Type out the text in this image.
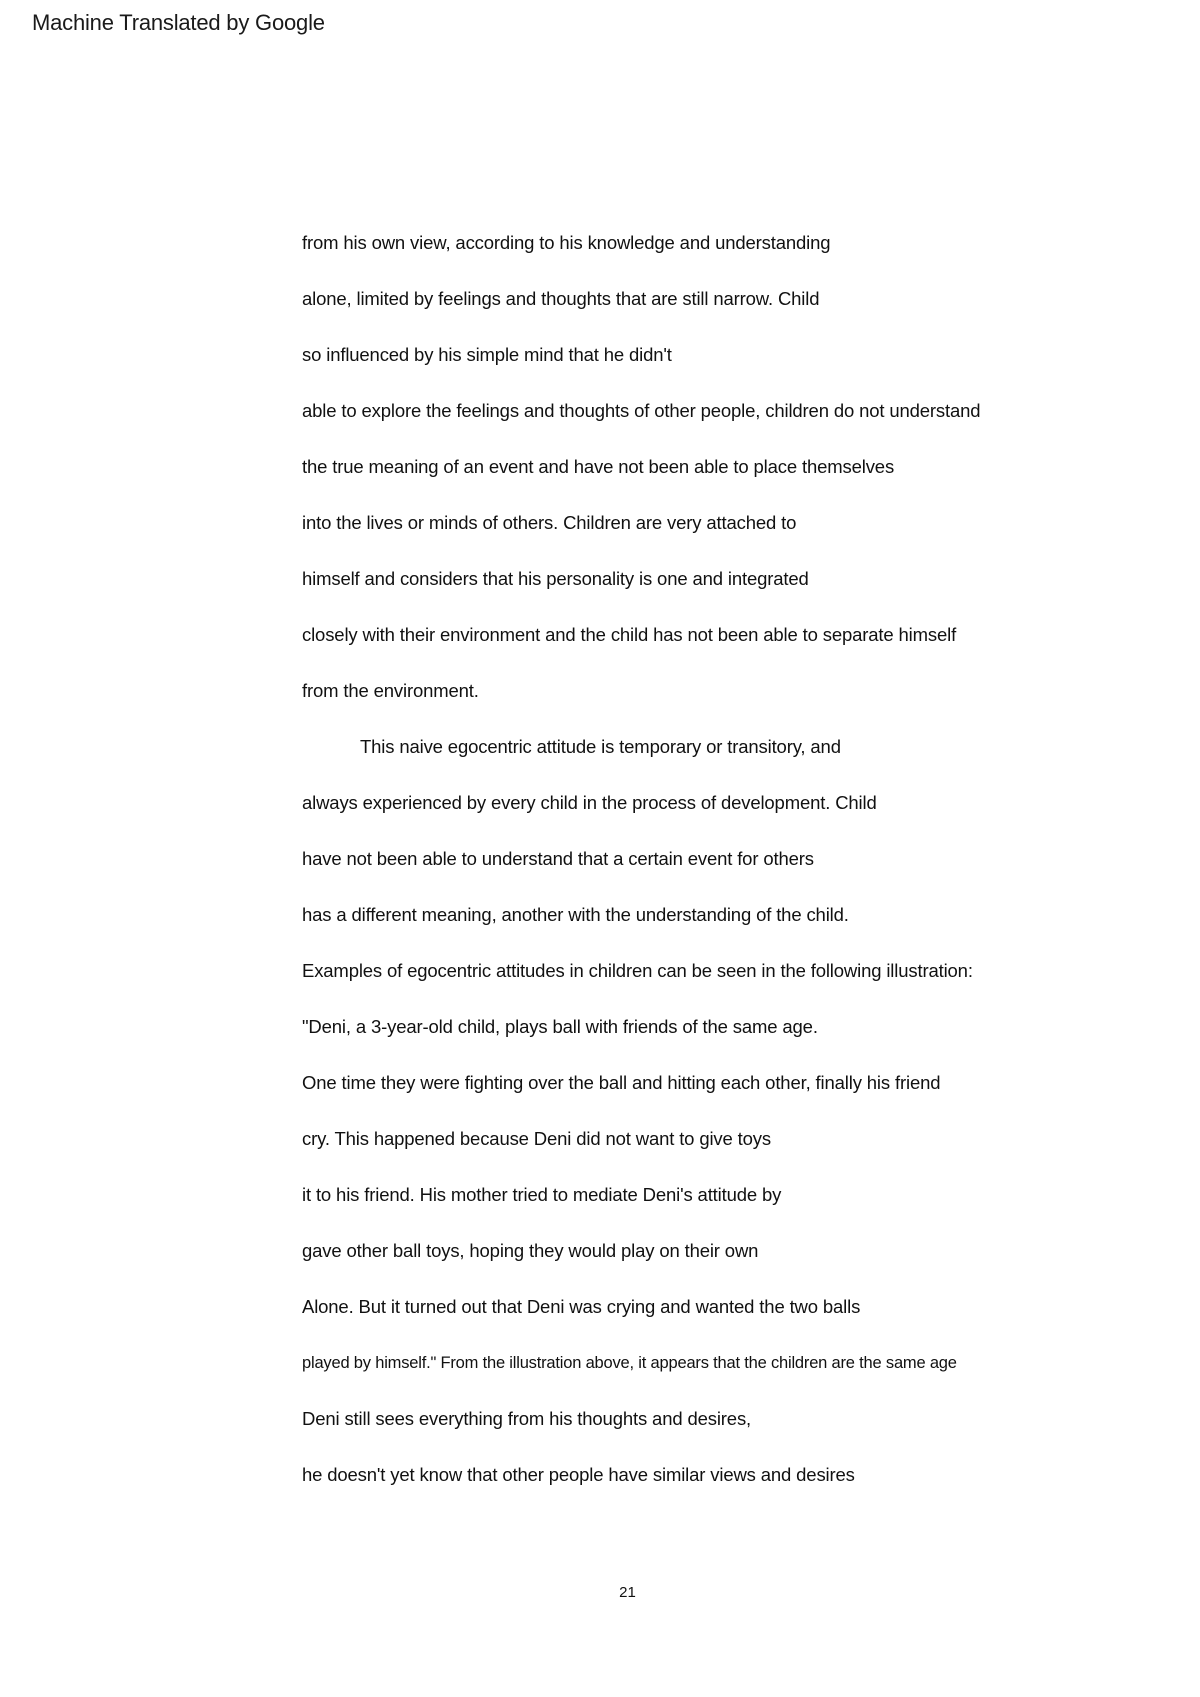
Machine Translated by Google
from his own view, according to his knowledge and understanding
alone, limited by feelings and thoughts that are still narrow. Child
so influenced by his simple mind that he didn't
able to explore the feelings and thoughts of other people, children do not understand
the true meaning of an event and have not been able to place themselves
into the lives or minds of others. Children are very attached to
himself and considers that his personality is one and integrated
closely with their environment and the child has not been able to separate himself
from the environment.
This naive egocentric attitude is temporary or transitory, and
always experienced by every child in the process of development. Child
have not been able to understand that a certain event for others
has a different meaning, another with the understanding of the child.
Examples of egocentric attitudes in children can be seen in the following illustration:
"Deni, a 3-year-old child, plays ball with friends of the same age.
One time they were fighting over the ball and hitting each other, finally his friend
cry. This happened because Deni did not want to give toys
it to his friend. His mother tried to mediate Deni's attitude by
gave other ball toys, hoping they would play on their own
Alone. But it turned out that Deni was crying and wanted the two balls
played by himself." From the illustration above, it appears that the children are the same age
Deni still sees everything from his thoughts and desires,
he doesn't yet know that other people have similar views and desires
21
